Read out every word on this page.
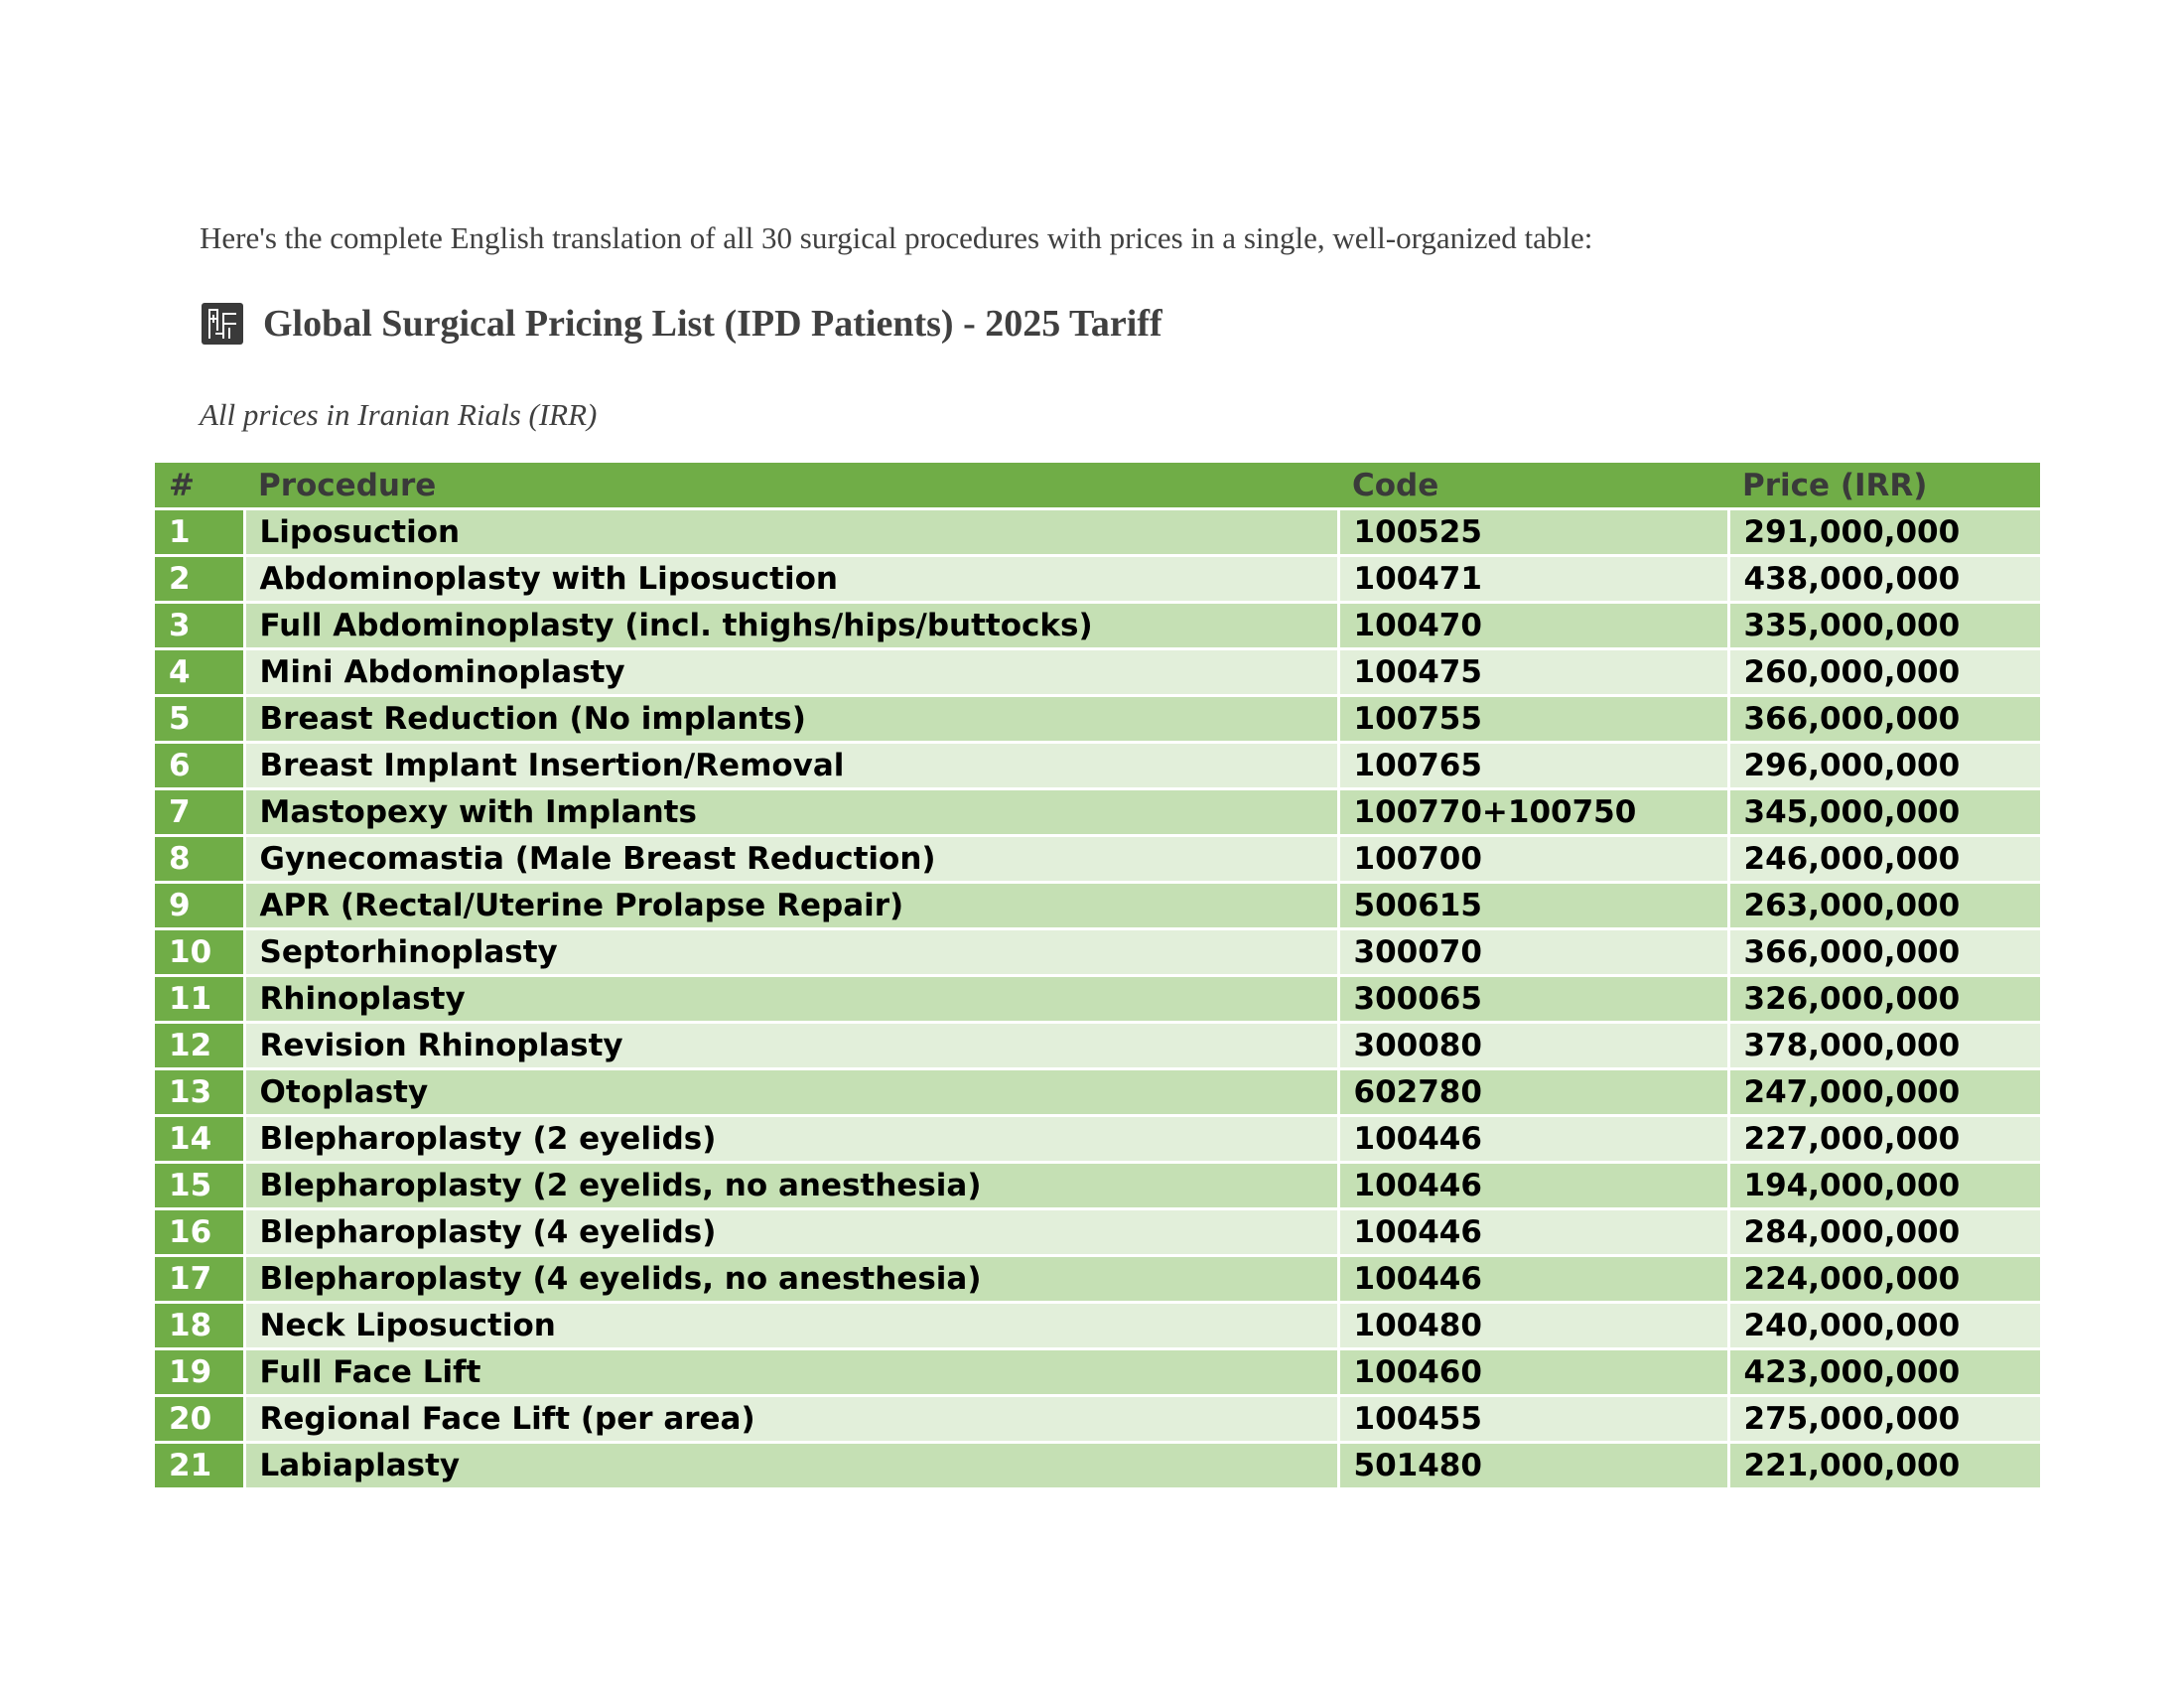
Here's the complete English translation of all 30 surgical procedures with prices in a single, well-organized table:
Global Surgical Pricing List (IPD Patients) - 2025 Tariff
All prices in Iranian Rials (IRR)
#	Procedure	Code	Price (IRR)
1	Liposuction	100525	291,000,000
2	Abdominoplasty with Liposuction	100471	438,000,000
3	Full Abdominoplasty (incl. thighs/hips/buttocks)	100470	335,000,000
4	Mini Abdominoplasty	100475	260,000,000
5	Breast Reduction (No implants)	100755	366,000,000
6	Breast Implant Insertion/Removal	100765	296,000,000
7	Mastopexy with Implants	100770+100750	345,000,000
8	Gynecomastia (Male Breast Reduction)	100700	246,000,000
9	APR (Rectal/Uterine Prolapse Repair)	500615	263,000,000
10	Septorhinoplasty	300070	366,000,000
11	Rhinoplasty	300065	326,000,000
12	Revision Rhinoplasty	300080	378,000,000
13	Otoplasty	602780	247,000,000
14	Blepharoplasty (2 eyelids)	100446	227,000,000
15	Blepharoplasty (2 eyelids, no anesthesia)	100446	194,000,000
16	Blepharoplasty (4 eyelids)	100446	284,000,000
17	Blepharoplasty (4 eyelids, no anesthesia)	100446	224,000,000
18	Neck Liposuction	100480	240,000,000
19	Full Face Lift	100460	423,000,000
20	Regional Face Lift (per area)	100455	275,000,000
21	Labiaplasty	501480	221,000,000
